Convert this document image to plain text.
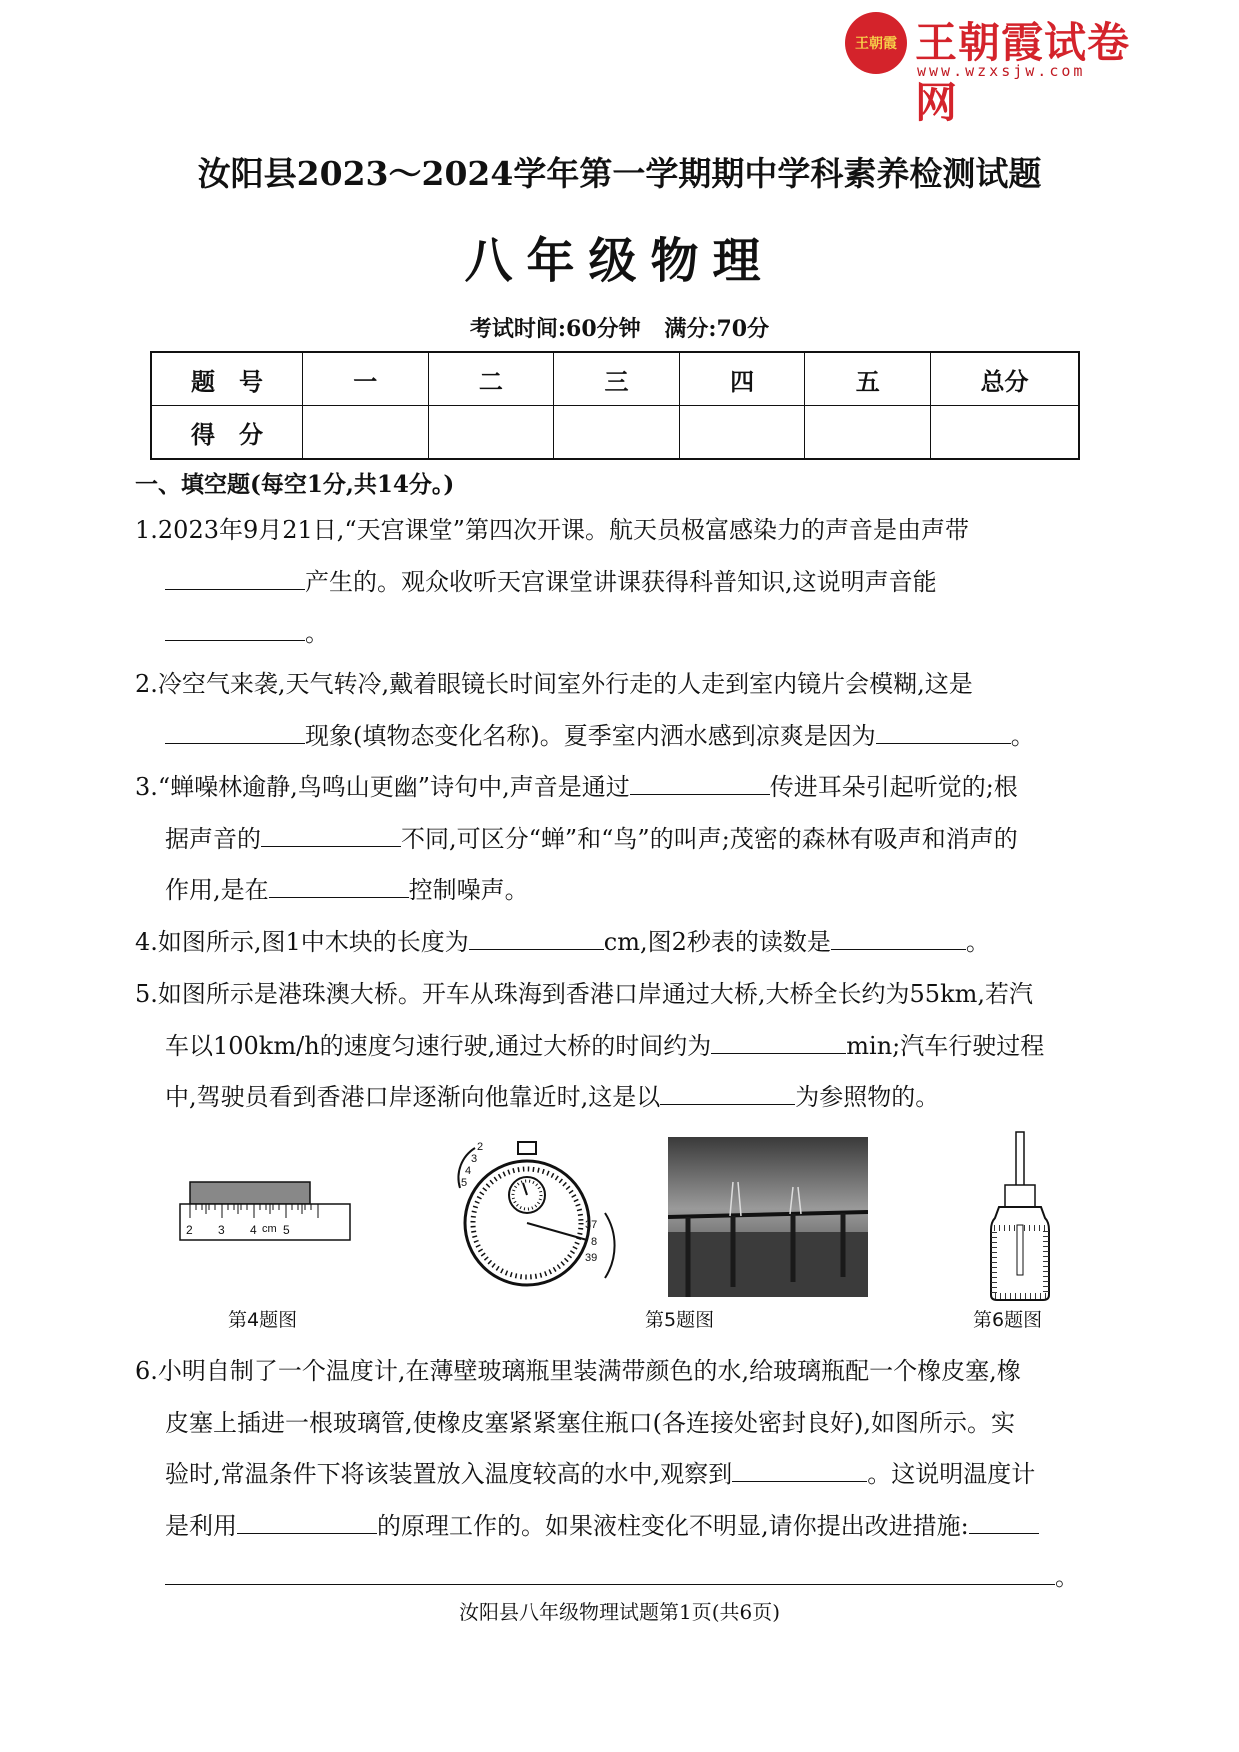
王朝霞 王朝霞试卷网
www.wzxsjw.com
汝阳县2023～2024学年第一学期期中学科素养检测试题
八年级物理
考试时间:60分钟 满分:70分
题　号	一	二	三	四	五	总分
得　分						
一、填空题(每空1分,共14分。)
1.2023年9月21日,“天宫课堂”第四次开课。航天员极富感染力的声音是由声带
产生的。观众收听天宫课堂讲课获得科普知识,这说明声音能
。
2.冷空气来袭,天气转冷,戴着眼镜长时间室外行走的人走到室内镜片会模糊,这是
现象(填物态变化名称)。夏季室内洒水感到凉爽是因为	。
3.“蝉噪林逾静,鸟鸣山更幽”诗句中,声音是通过	传进耳朵引起听觉的;根
据声音的	不同,可区分“蝉”和“鸟”的叫声;茂密的森林有吸声和消声的
作用,是在	控制噪声。
4.如图所示,图1中木块的长度为	cm,图2秒表的读数是	。
5.如图所示是港珠澳大桥。开车从珠海到香港口岸通过大桥,大桥全长约为55km,若汽
车以100km/h的速度匀速行驶,通过大桥的时间约为	min;汽车行驶过程
中,驾驶员看到香港口岸逐渐向他靠近时,这是以	为参照物的。
2 3 4 cm 5
第4题图
2
3
4
5
37
8
39
第5题图	第6题图
6.小明自制了一个温度计,在薄壁玻璃瓶里装满带颜色的水,给玻璃瓶配一个橡皮塞,橡
皮塞上插进一根玻璃管,使橡皮塞紧紧塞住瓶口(各连接处密封良好),如图所示。实
验时,常温条件下将该装置放入温度较高的水中,观察到	。这说明温度计
是利用	的原理工作的。如果液柱变化不明显,请你提出改进措施:
。
汝阳县八年级物理试题第1页(共6页)
